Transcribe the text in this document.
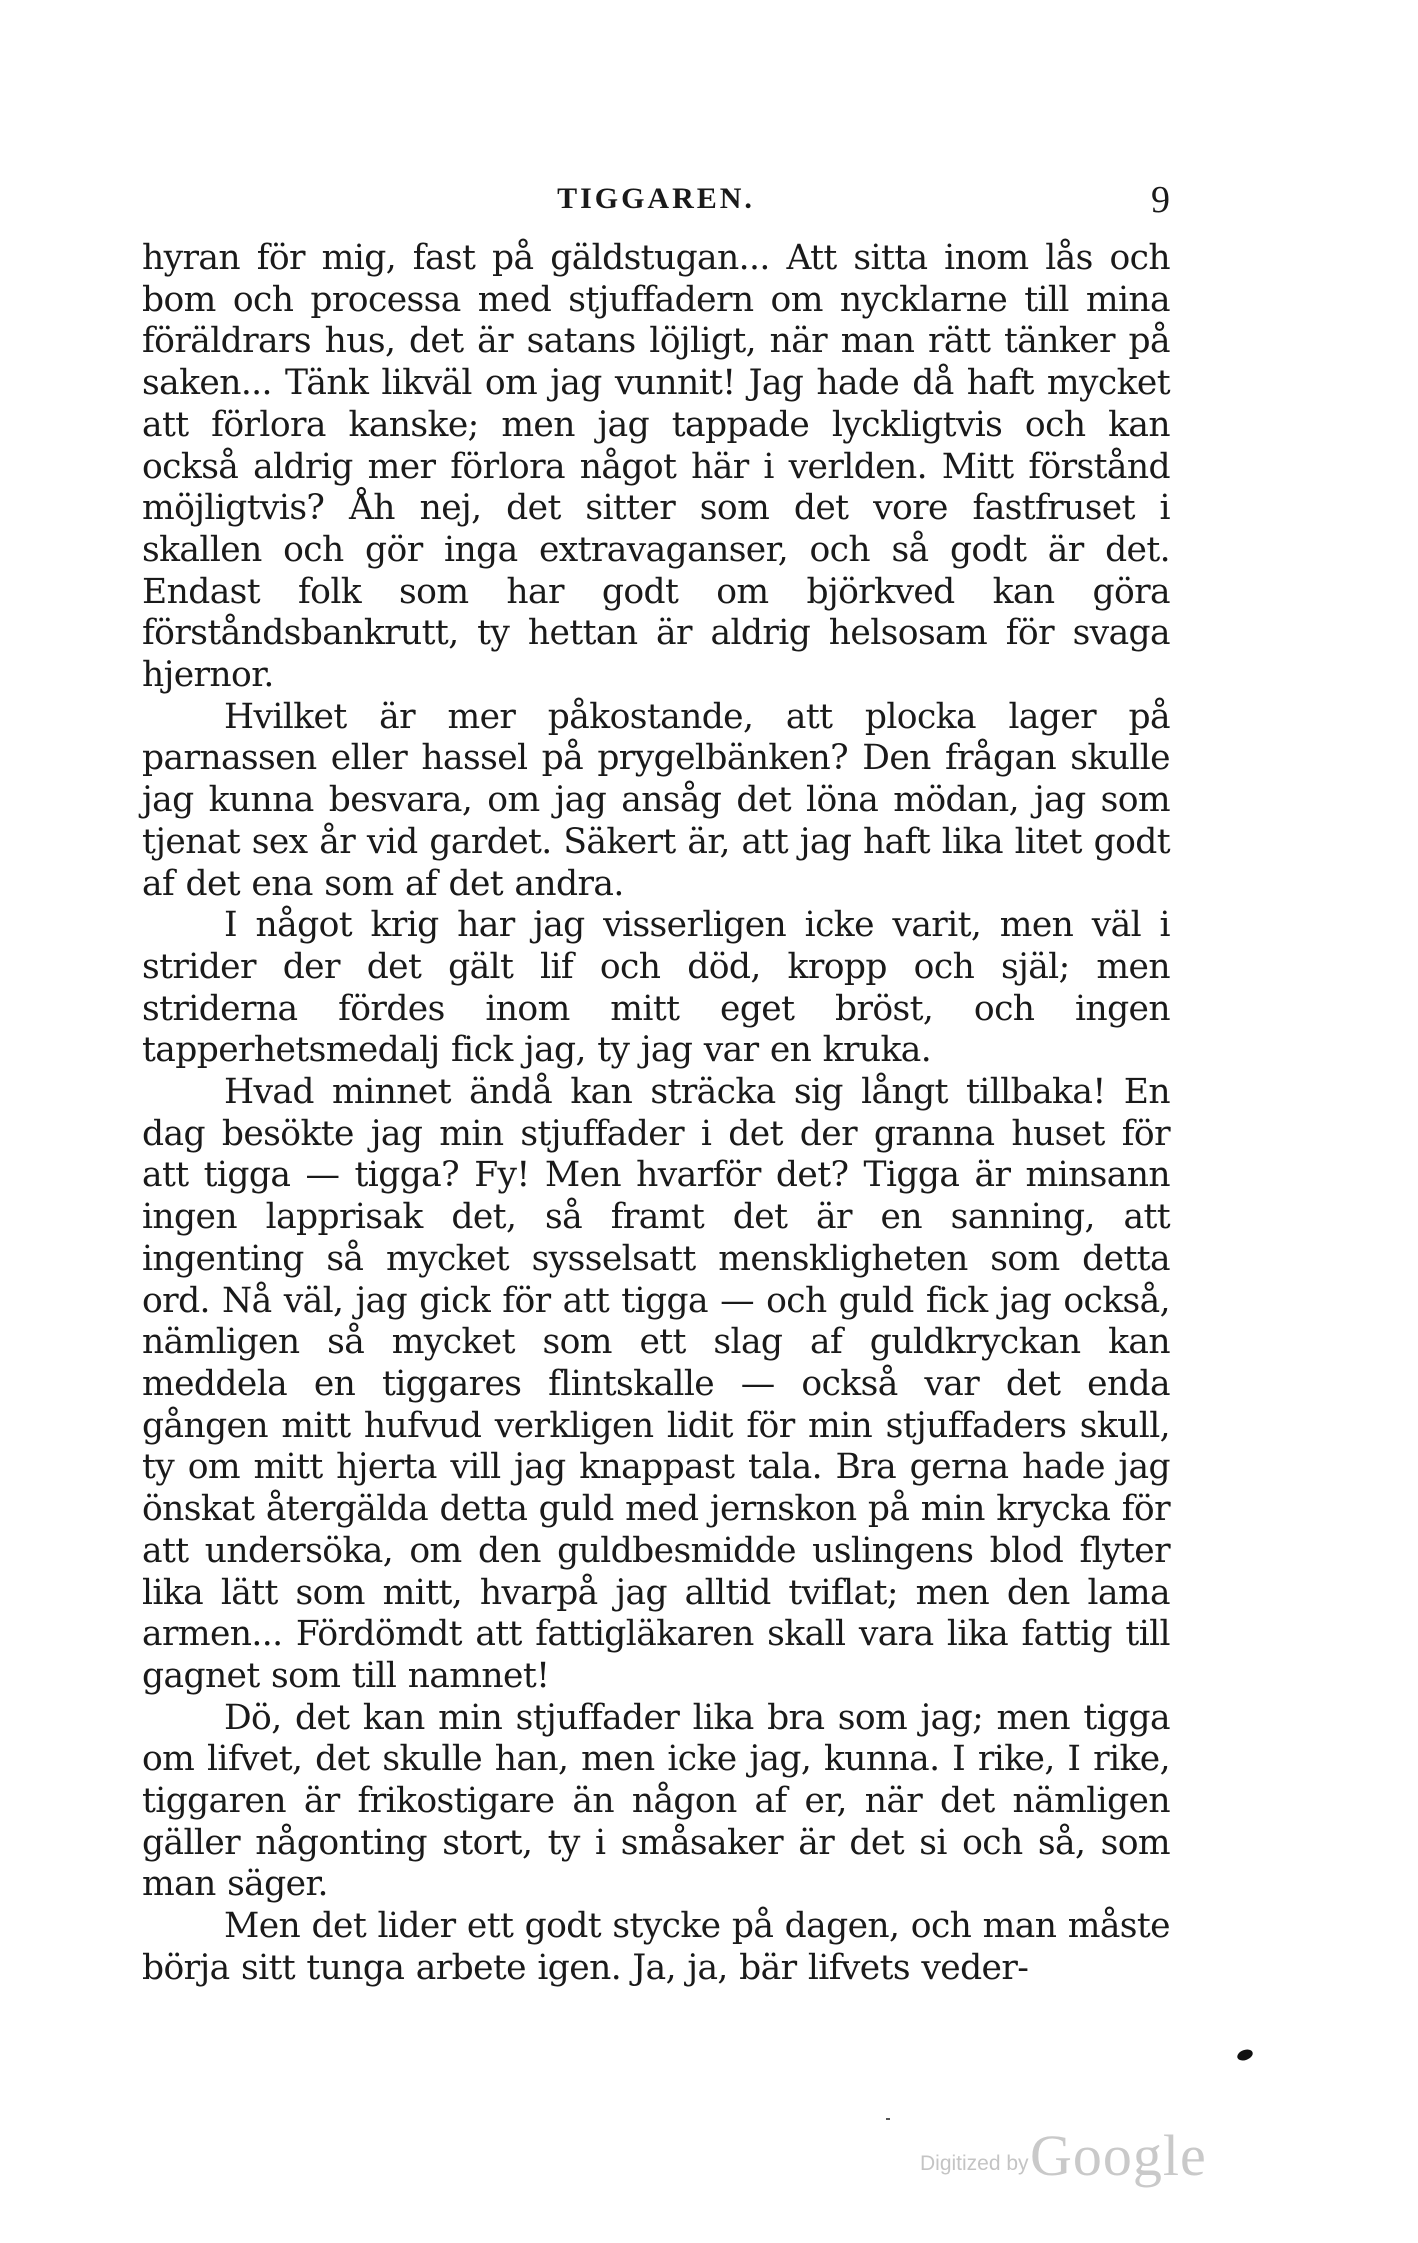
TIGGAREN.	9

hyran för mig, fast på gäldstugan... Att sitta inom lås och bom och processa med stjuffadern om nycklarne till mina föräldrars hus, det är satans löjligt, när man rätt tänker på saken... Tänk likväl om jag vunnit! Jag hade då haft mycket att förlora kanske; men jag tappade lyckligtvis och kan också aldrig mer förlora något här i verlden. Mitt förstånd möjligtvis? Åh nej, det sitter som det vore fastfruset i skallen och gör inga extravaganser, och så godt är det. Endast folk som har godt om björkved kan göra förståndsbankrutt, ty hettan är aldrig helsosam för svaga hjernor.

Hvilket är mer påkostande, att plocka lager på parnassen eller hassel på prygelbänken? Den frågan skulle jag kunna besvara, om jag ansåg det löna mödan, jag som tjenat sex år vid gardet. Säkert är, att jag haft lika litet godt af det ena som af det andra.

I något krig har jag visserligen icke varit, men väl i strider der det gält lif och död, kropp och själ; men striderna fördes inom mitt eget bröst, och ingen tapperhetsmedalj fick jag, ty jag var en kruka.

Hvad minnet ändå kan sträcka sig långt tillbaka! En dag besökte jag min stjuffader i det der granna huset för att tigga — tigga? Fy! Men hvarför det? Tigga är minsann ingen lapprisak det, så framt det är en sanning, att ingenting så mycket sysselsatt menskligheten som detta ord. Nå väl, jag gick för att tigga — och guld fick jag också, nämligen så mycket som ett slag af guldkryckan kan meddela en tiggares flintskalle — också var det enda gången mitt hufvud verkligen lidit för min stjuffaders skull, ty om mitt hjerta vill jag knappast tala. Bra gerna hade jag önskat återgälda detta guld med jernskon på min krycka för att undersöka, om den guldbesmidde uslingens blod flyter lika lätt som mitt, hvarpå jag alltid tviflat; men den lama armen... Fördömdt att fattigläkaren skall vara lika fattig till gagnet som till namnet!

Dö, det kan min stjuffader lika bra som jag; men tigga om lifvet, det skulle han, men icke jag, kunna. I rike, I rike, tiggaren är frikostigare än någon af er, när det nämligen gäller någonting stort, ty i småsaker är det si och så, som man säger.

Men det lider ett godt stycke på dagen, och man måste börja sitt tunga arbete igen. Ja, ja, bär lifvets veder-

Digitized by Google
